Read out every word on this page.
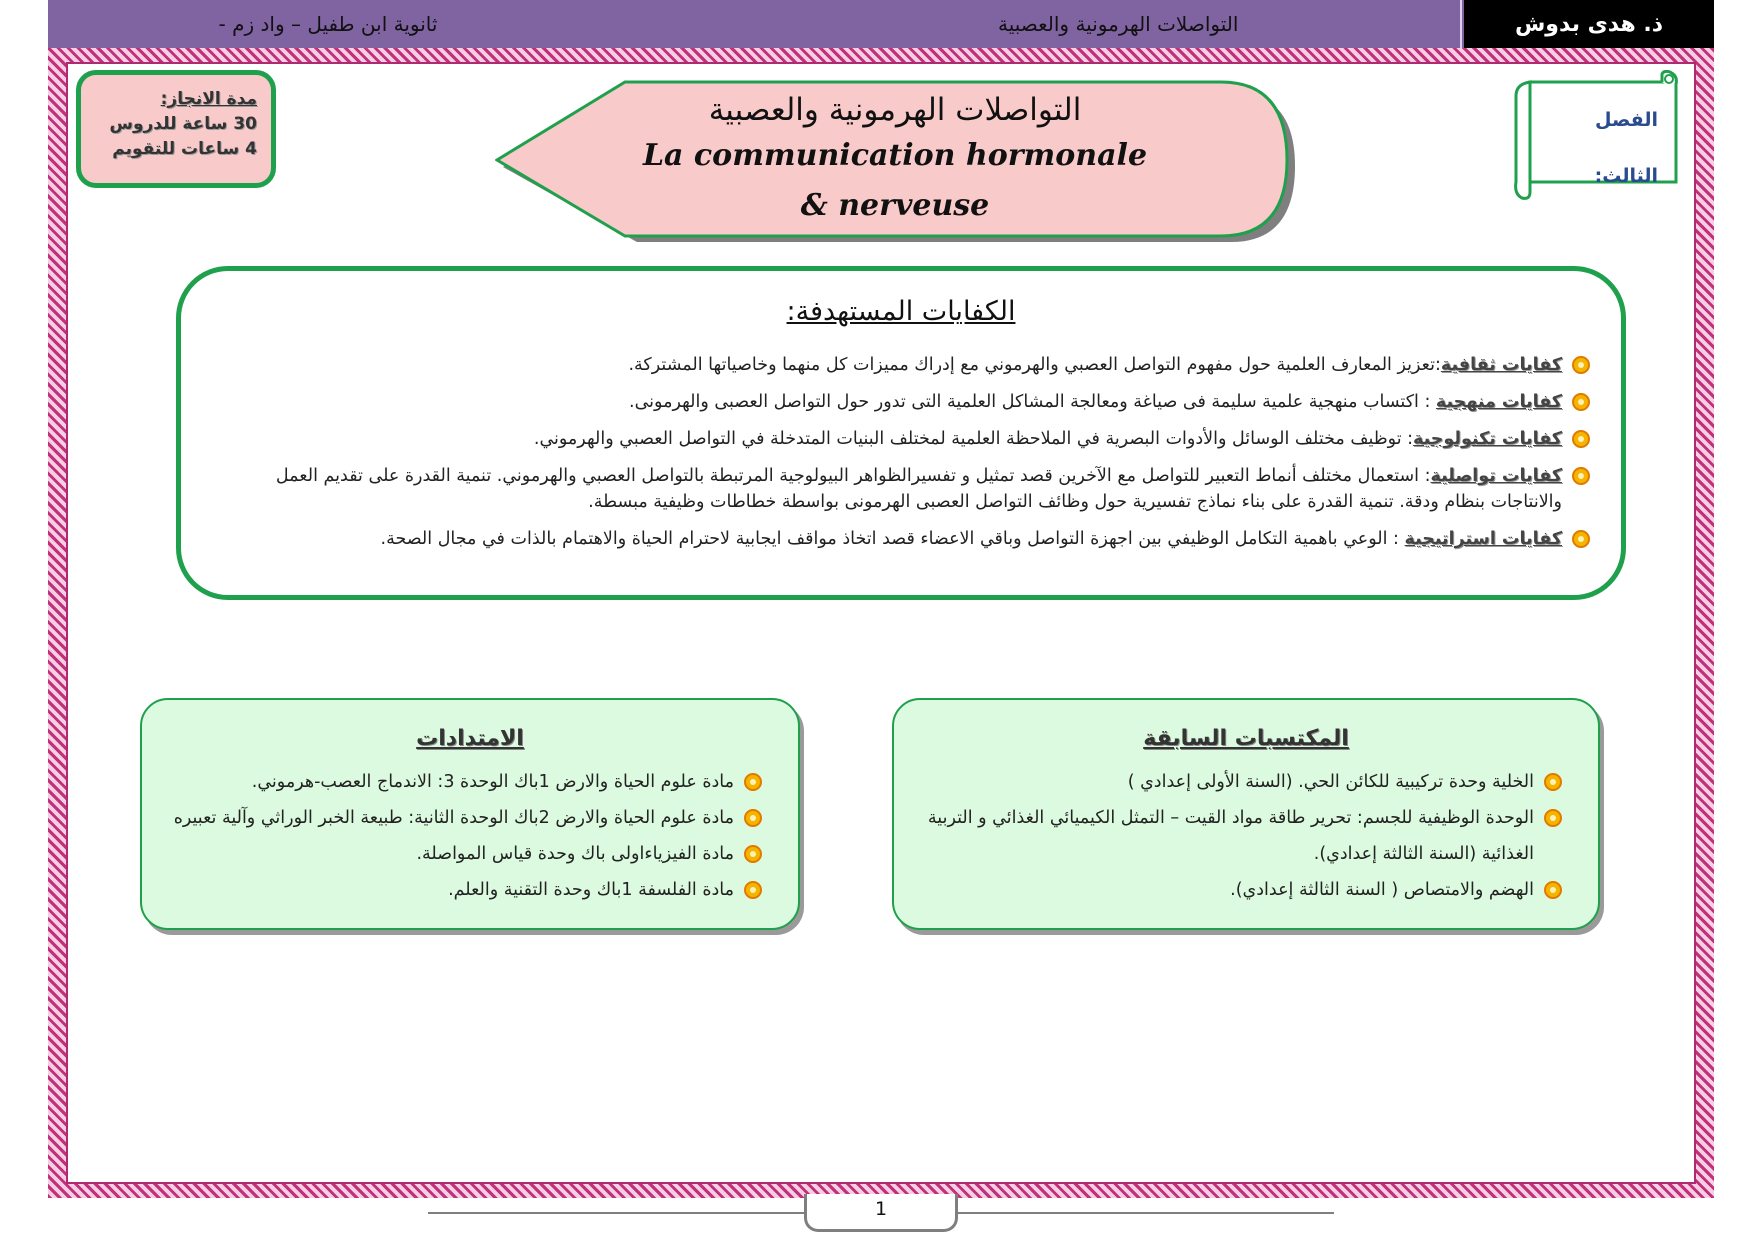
ثانوية ابن طفيل – واد زم -	التواصلات الهرمونية والعصبية	ذ. هدى بدوش
مدة الانجاز:
30 ساعة للدروس
4 ساعات للتقويم
التواصلات الهرمونية والعصبية
La communication hormonale
& nerveuse
الفصل
الثالث:
الكفايات المستهدفة:
كفايات ثقافية:تعزيز المعارف العلمية حول مفهوم التواصل العصبي والهرموني مع إدراك مميزات كل منهما وخاصياتها المشتركة.
كفايات منهجية : اكتساب منهجية علمية سليمة فى صياغة ومعالجة المشاكل العلمية التى تدور حول التواصل العصبى والهرمونى.
كفايات تكنولوجية: توظيف مختلف الوسائل والأدوات البصرية في الملاحظة العلمية لمختلف البنيات المتدخلة في التواصل العصبي والهرموني.
كفايات تواصلية: استعمال مختلف أنماط التعبير للتواصل مع الآخرين قصد تمثيل و تفسيرالظواهر البيولوجية المرتبطة بالتواصل العصبي والهرموني. تنمية القدرة على تقديم العمل والانتاجات بنظام ودقة. تنمية القدرة على بناء نماذج تفسيرية حول وظائف التواصل العصبى الهرمونى بواسطة خطاطات وظيفية مبسطة.
كفايات استراتيجية : الوعي باهمية التكامل الوظيفي بين اجهزة التواصل وباقي الاعضاء قصد اتخاذ مواقف ايجابية لاحترام الحياة والاهتمام بالذات في مجال الصحة.
المكتسبات السابقة
الخلية وحدة تركيبية للكائن الحي. (السنة الأولى إعدادي )
الوحدة الوظيفية للجسم: تحرير طاقة مواد القيت – التمثل الكيميائي الغذائي و التربية الغذائية (السنة الثالثة إعدادي).
الهضم والامتصاص ( السنة الثالثة إعدادي).
الامتدادات
مادة علوم الحياة والارض 1باك الوحدة 3: الاندماج العصب-هرموني.
مادة علوم الحياة والارض 2باك الوحدة الثانية: طبيعة الخبر الوراثي وآلية تعبيره
مادة الفيزياءاولى باك وحدة قياس المواصلة.
مادة الفلسفة 1باك وحدة التقنية والعلم.
1
